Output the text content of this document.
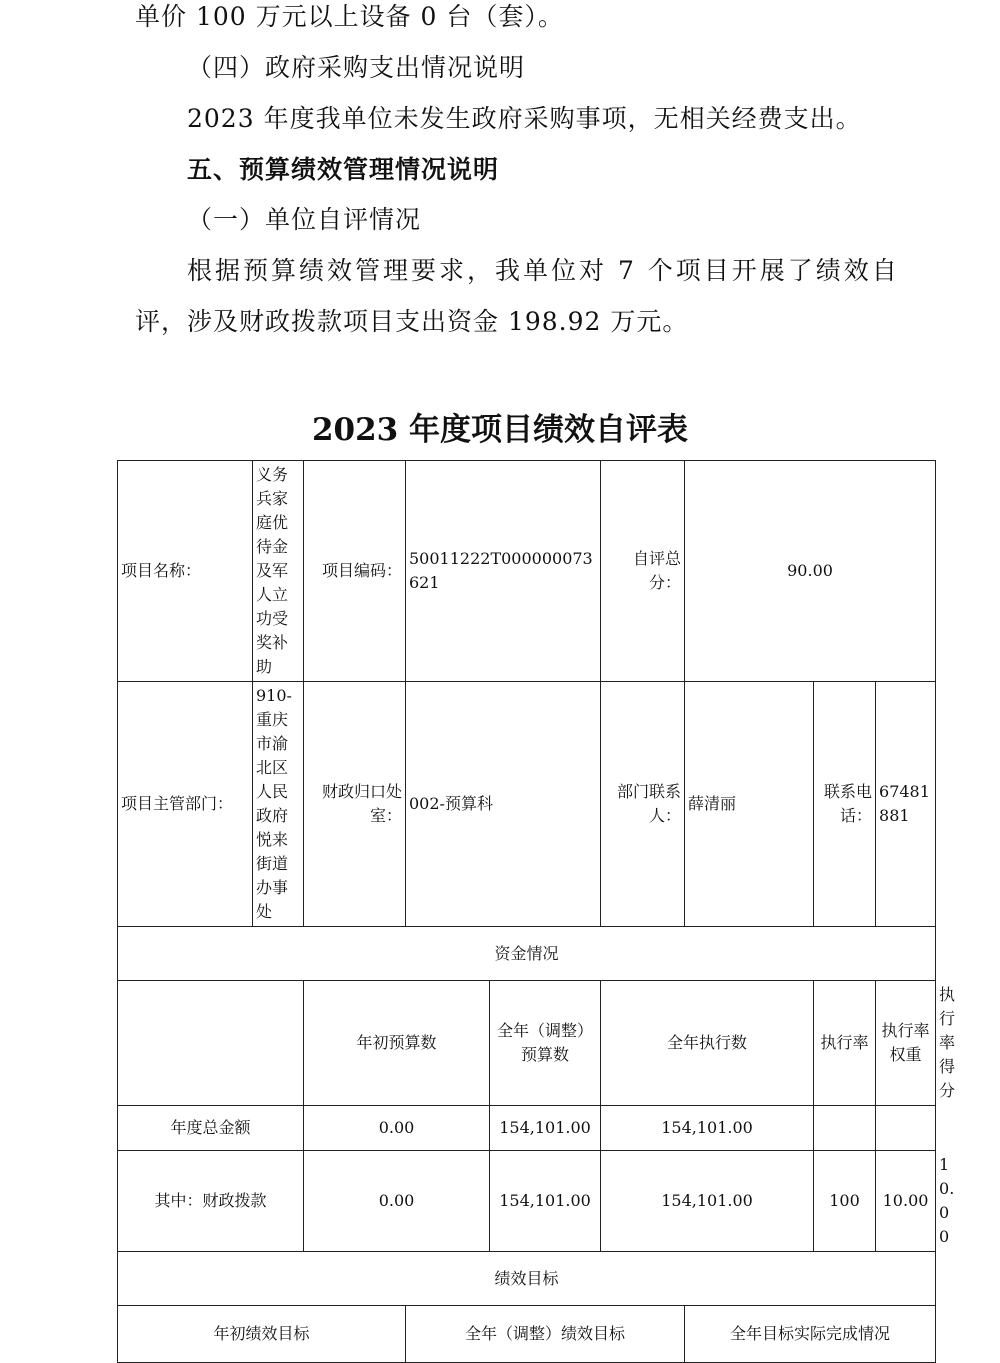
单价 100 万元以上设备 0 台（套）。
（四）政府采购支出情况说明
2023 年度我单位未发生政府采购事项，无相关经费支出。
五、预算绩效管理情况说明
（一）单位自评情况
根据预算绩效管理要求，我单位对 7 个项目开展了绩效自
评，涉及财政拨款项目支出资金 198.92 万元。
2023 年度项目绩效自评表
项目名称：	义务兵家庭优待金及军人立功受奖补助	项目编码：	50011222T000000073621		自评总分：	90.00			
项目主管部门：	910-重庆市渝北区人民政府悦来街道办事处	财政归口处室：	002-预算科		部门联系人：	薛清丽	联系电话：	67481881	
资金情况									
		年初预算数		全年（调整）预算数	全年执行数		执行率	执行率权重	执行率得分
年度总金额		0.00		154,101.00	154,101.00				
其中：财政拨款		0.00		154,101.00	154,101.00		100	10.00	10.00
绩效目标									
年初绩效目标			全年（调整）绩效目标			全年目标实际完成情况			
